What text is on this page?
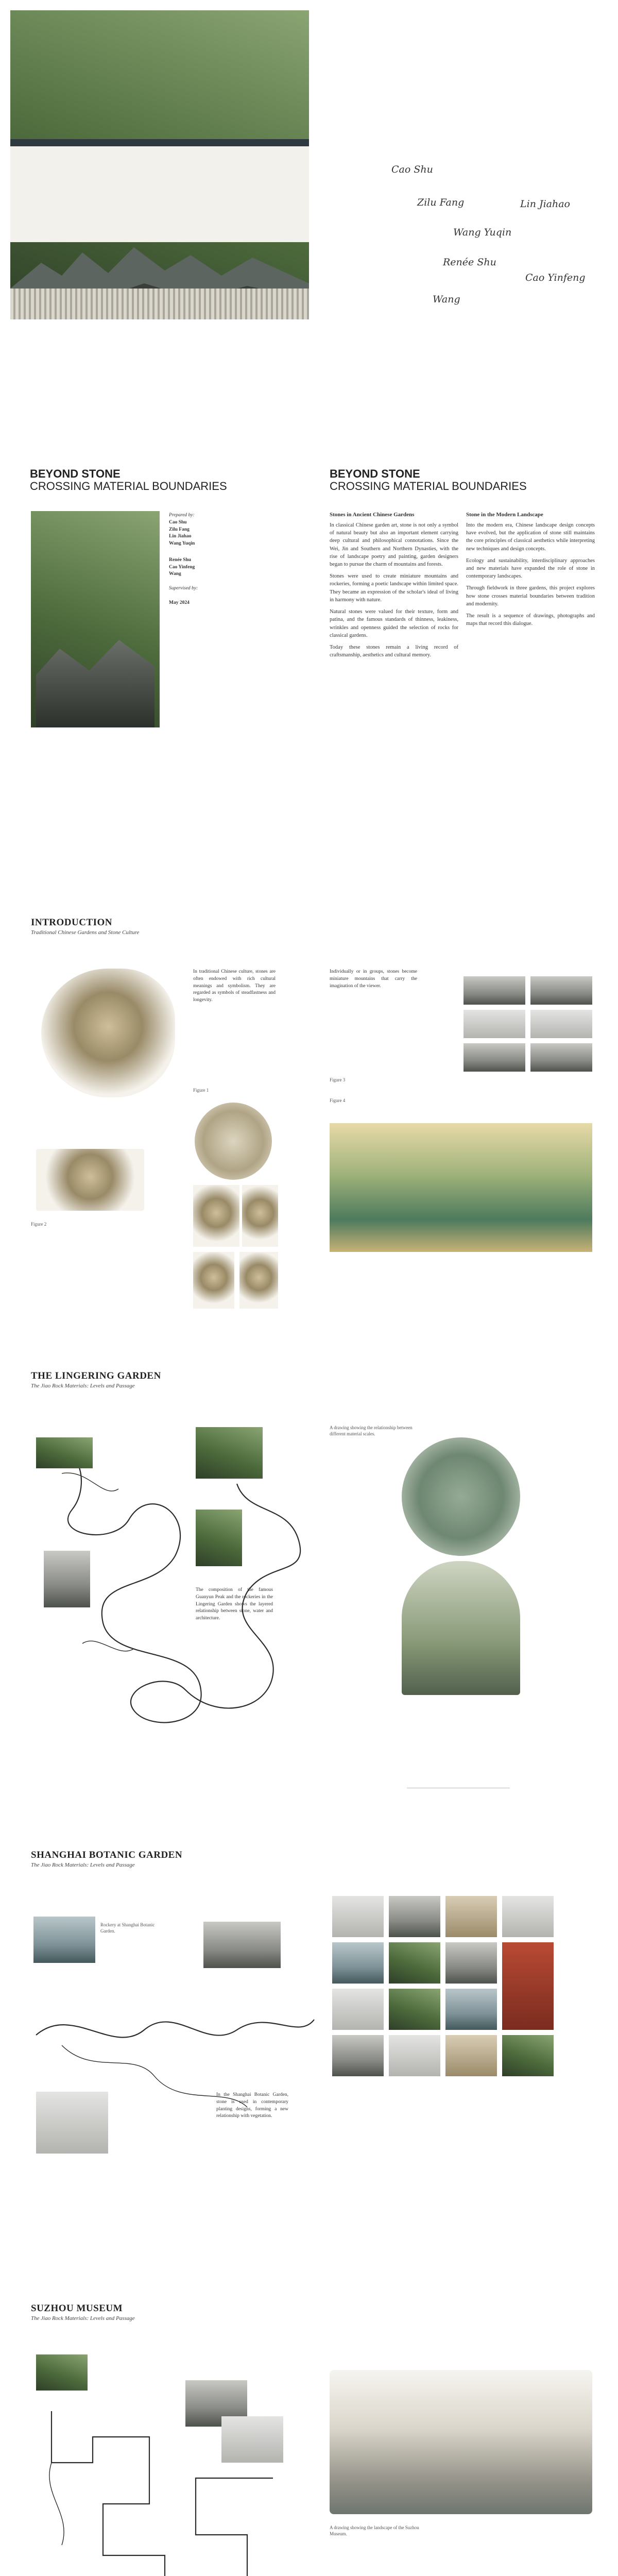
Cao Shu
Zilu Fang	Lin Jiahao
Wang Yuqin
Renée Shu
Cao Yinfeng
Wang
BEYOND STONE
CROSSING MATERIAL BOUNDARIES
Prepared by:
Cao Shu
Zilu Fang
Lin Jiahao
Wang Yuqin
Renée Shu
Cao Yinfeng
Wang
Supervised by:
May 2024
BEYOND STONE
CROSSING MATERIAL BOUNDARIES
Stones in Ancient Chinese Gardens

In classical Chinese garden art, stone is not only a symbol of natural beauty but also an important element carrying deep cultural and philosophical connotations. Since the Wei, Jin and Southern and Northern Dynasties, with the rise of landscape poetry and painting, garden designers began to pursue the charm of mountains and forests.

Stones were used to create miniature mountains and rockeries, forming a poetic landscape within limited space. They became an expression of the scholar's ideal of living in harmony with nature.

Natural stones were valued for their texture, form and patina, and the famous standards of thinness, leakiness, wrinkles and openness guided the selection of rocks for classical gardens.

Today these stones remain a living record of craftsmanship, aesthetics and cultural memory.

Stone in the Modern Landscape

Into the modern era, Chinese landscape design concepts have evolved, but the application of stone still maintains the core principles of classical aesthetics while interpreting new techniques and design concepts.

Ecology and sustainability, interdisciplinary approaches and new materials have expanded the role of stone in contemporary landscapes.

Through fieldwork in three gardens, this project explores how stone crosses material boundaries between tradition and modernity.

The result is a sequence of drawings, photographs and maps that record this dialogue.

INTRODUCTION
Traditional Chinese Gardens and Stone Culture
In traditional Chinese culture, stones are often endowed with rich cultural meanings and symbolism. They are regarded as symbols of steadfastness and longevity.
Figure 1
Figure 2
Individually or in groups, stones become miniature mountains that carry the imagination of the viewer.
Figure 3
Figure 4
THE LINGERING GARDEN
The Jiao Rock Materials: Levels and Passage
The composition of the famous Guanyun Peak and the rockeries in the Lingering Garden shows the layered relationship between stone, water and architecture.
A drawing showing the relationship between different material scales.
SHANGHAI BOTANIC GARDEN
The Jiao Rock Materials: Levels and Passage
Rockery at Shanghai Botanic Garden.
In the Shanghai Botanic Garden, stone is used in contemporary planting designs, forming a new relationship with vegetation.
SUZHOU MUSEUM
The Jiao Rock Materials: Levels and Passage
A drawing showing the landscape of the Suzhou Museum.
